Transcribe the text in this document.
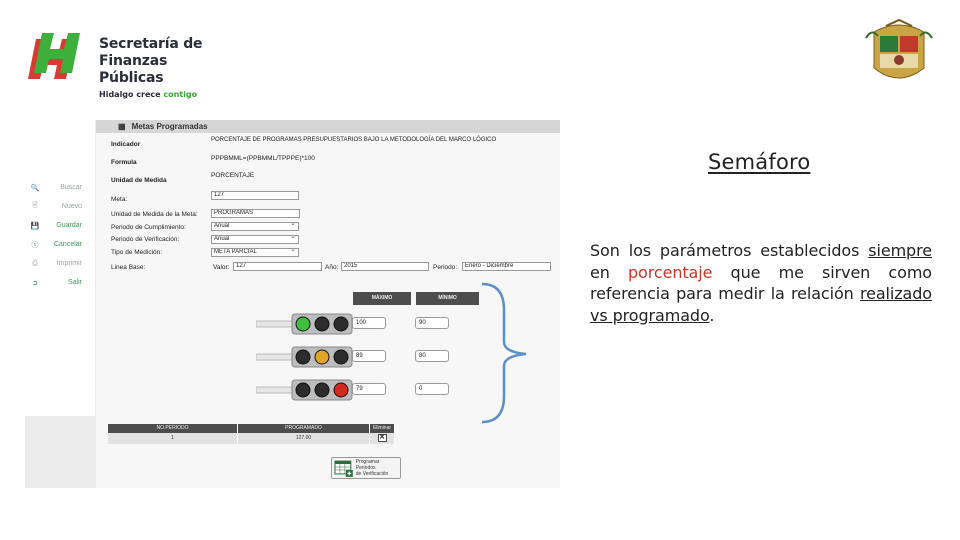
Secretaría de
Finanzas Públicas
Hidalgo crece contigo
🔍	Buscar
🗎	Nuevo
💾	Guardar
ⓧ	Cancelar
⎙	Imprimir
➲	Salir
▦ Metas Programadas
Indicador
PORCENTAJE DE PROGRAMAS PRESUPUESTARIOS BAJO LA METODOLOGÍA DEL MARCO LÓGICO
Formula
PPPBMML=(PPBMML/TPPPE)*100
Unidad de Medida
PORCENTAJE
Meta:
127
Unidad de Medida de la Meta:	PROGRAMAS
Periodo de Cumplimiento:	Anual ⌄
Periodo de Verificación:	Anual ⌄
Tipo de Medición:	META PARCIAL ⌄
Linea Base:	Valor:	127	Año: 2015	Periodo:	Enero - Diciembre
MÁXIMO	MÍNIMO
100	90
89	80
79	0
NO.PERIODO	PROGRAMADO	Eliminar
1	127.00	✕
Programar Periodos
de Verificación
Semáforo
Son los parámetros establecidos siempre en porcentaje que me sirven como referencia para medir la relación realizado vs programado.
